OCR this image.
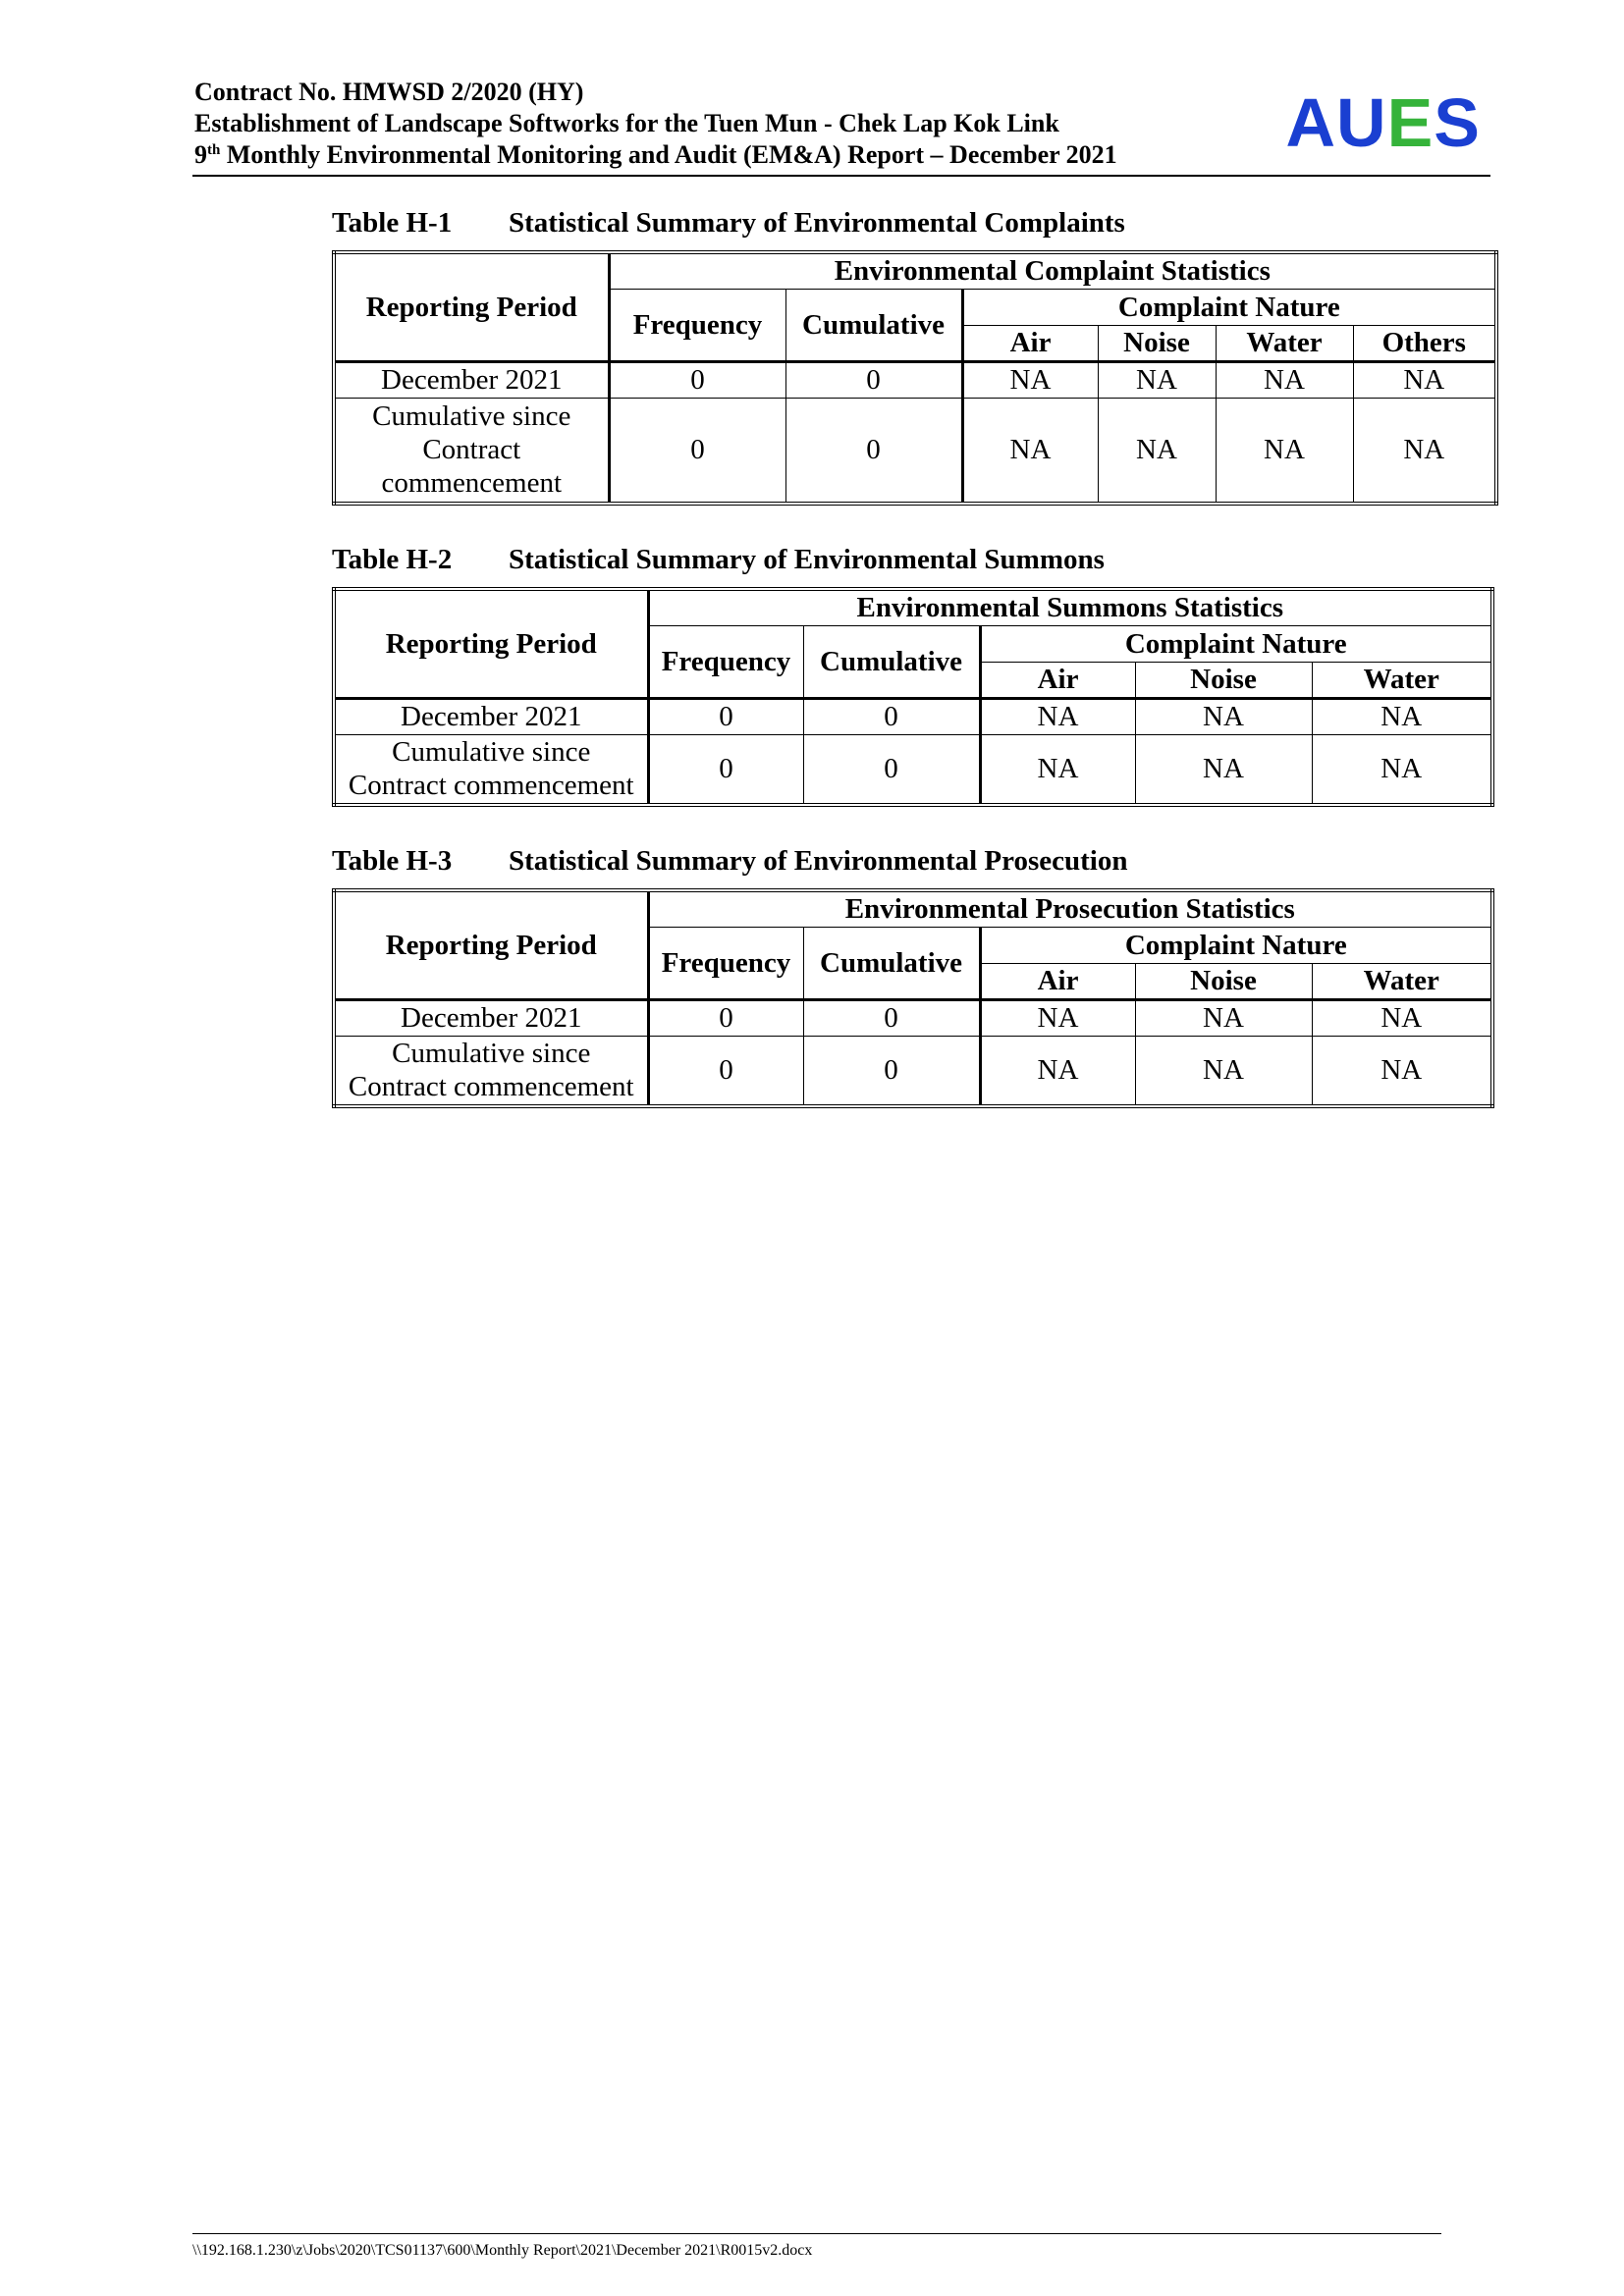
Contract No. HMWSD 2/2020 (HY)
Establishment of Landscape Softworks for the Tuen Mun - Chek Lap Kok Link
9th Monthly Environmental Monitoring and Audit (EM&A) Report – December 2021 AUES
Table H-1 Statistical Summary of Environmental Complaints
Reporting Period	Environmental Complaint Statistics					
	Frequency	Cumulative	Complaint Nature			
			Air	Noise	Water	Others
December 2021	0	0	NA	NA	NA	NA

Cumulative since
Contract
commencement	0	0	NA	NA	NA	NA
Table H-2 Statistical Summary of Environmental Summons
Reporting Period	Environmental Summons Statistics				
	Frequency	Cumulative	Complaint Nature		
			Air	Noise	Water
December 2021	0	0	NA	NA	NA

Cumulative since
Contract commencement	0	0	NA	NA	NA
Table H-3 Statistical Summary of Environmental Prosecution
Reporting Period	Environmental Prosecution Statistics				
	Frequency	Cumulative	Complaint Nature		
			Air	Noise	Water
December 2021	0	0	NA	NA	NA

Cumulative since
Contract commencement	0	0	NA	NA	NA
\\192.168.1.230\z\Jobs\2020\TCS01137\600\Monthly Report\2021\December 2021\R0015v2.docx
